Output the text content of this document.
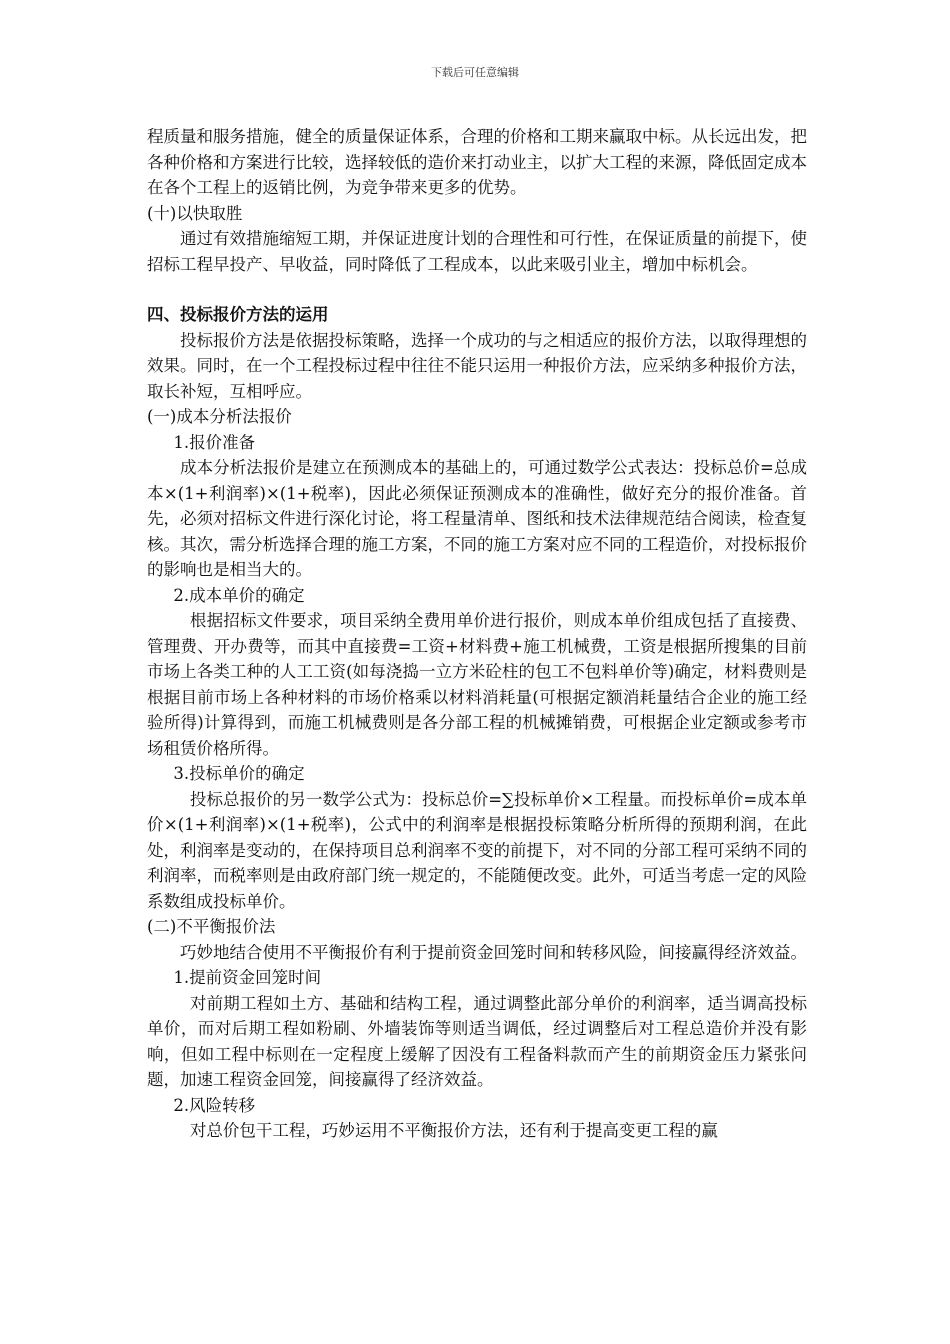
下载后可任意编辑

程质量和服务措施，健全的质量保证体系，合理的价格和工期来赢取中标。从长远出发，把各种价格和方案进行比较，选择较低的造价来打动业主，以扩大工程的来源，降低固定成本在各个工程上的返销比例，为竞争带来更多的优势。

(十)以快取胜

通过有效措施缩短工期，并保证进度计划的合理性和可行性，在保证质量的前提下，使招标工程早投产、早收益，同时降低了工程成本，以此来吸引业主，增加中标机会。

四、投标报价方法的运用

投标报价方法是依据投标策略，选择一个成功的与之相适应的报价方法，以取得理想的效果。同时，在一个工程投标过程中往往不能只运用一种报价方法，应采纳多种报价方法，取长补短，互相呼应。

(一)成本分析法报价

1.报价准备

成本分析法报价是建立在预测成本的基础上的，可通过数学公式表达：投标总价=总成本×(1+利润率)×(1+税率)，因此必须保证预测成本的准确性，做好充分的报价准备。首先，必须对招标文件进行深化讨论，将工程量清单、图纸和技术法律规范结合阅读，检查复核。其次，需分析选择合理的施工方案，不同的施工方案对应不同的工程造价，对投标报价的影响也是相当大的。

2.成本单价的确定

根据招标文件要求，项目采纳全费用单价进行报价，则成本单价组成包括了直接费、管理费、开办费等，而其中直接费=工资+材料费+施工机械费，工资是根据所搜集的目前市场上各类工种的人工工资(如每浇捣一立方米砼柱的包工不包料单价等)确定，材料费则是根据目前市场上各种材料的市场价格乘以材料消耗量(可根据定额消耗量结合企业的施工经验所得)计算得到，而施工机械费则是各分部工程的机械摊销费，可根据企业定额或参考市场租赁价格所得。

3.投标单价的确定

投标总报价的另一数学公式为：投标总价=∑投标单价×工程量。而投标单价=成本单价×(1+利润率)×(1+税率)，公式中的利润率是根据投标策略分析所得的预期利润，在此处，利润率是变动的，在保持项目总利润率不变的前提下，对不同的分部工程可采纳不同的利润率，而税率则是由政府部门统一规定的，不能随便改变。此外，可适当考虑一定的风险系数组成投标单价。

(二)不平衡报价法

巧妙地结合使用不平衡报价有利于提前资金回笼时间和转移风险，间接赢得经济效益。

1.提前资金回笼时间

对前期工程如土方、基础和结构工程，通过调整此部分单价的利润率，适当调高投标单价，而对后期工程如粉刷、外墙装饰等则适当调低，经过调整后对工程总造价并没有影响，但如工程中标则在一定程度上缓解了因没有工程备料款而产生的前期资金压力紧张问题，加速工程资金回笼，间接赢得了经济效益。

2.风险转移

对总价包干工程，巧妙运用不平衡报价方法，还有利于提高变更工程的赢
